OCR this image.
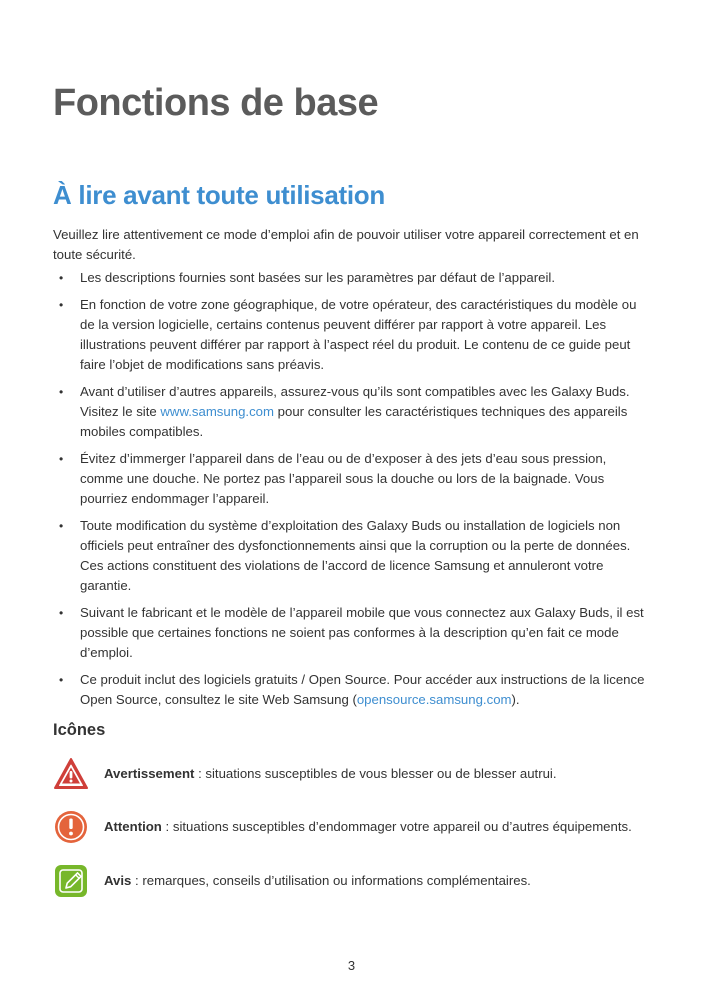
Fonctions de base
À lire avant toute utilisation

Veuillez lire attentivement ce mode d’emploi afin de pouvoir utiliser votre appareil correctement et en toute sécurité.

• Les descriptions fournies sont basées sur les paramètres par défaut de l’appareil.
• En fonction de votre zone géographique, de votre opérateur, des caractéristiques du modèle ou de la version logicielle, certains contenus peuvent différer par rapport à votre appareil. Les illustrations peuvent différer par rapport à l’aspect réel du produit. Le contenu de ce guide peut faire l’objet de modifications sans préavis.
• Avant d’utiliser d’autres appareils, assurez-vous qu’ils sont compatibles avec les Galaxy Buds. Visitez le site www.samsung.com pour consulter les caractéristiques techniques des appareils mobiles compatibles.
• Évitez d’immerger l’appareil dans de l’eau ou de d’exposer à des jets d’eau sous pression, comme une douche. Ne portez pas l’appareil sous la douche ou lors de la baignade. Vous pourriez endommager l’appareil.
• Toute modification du système d’exploitation des Galaxy Buds ou installation de logiciels non officiels peut entraîner des dysfonctionnements ainsi que la corruption ou la perte de données. Ces actions constituent des violations de l’accord de licence Samsung et annuleront votre garantie.
• Suivant le fabricant et le modèle de l’appareil mobile que vous connectez aux Galaxy Buds, il est possible que certaines fonctions ne soient pas conformes à la description qu’en fait ce mode d’emploi.
• Ce produit inclut des logiciels gratuits / Open Source. Pour accéder aux instructions de la licence Open Source, consultez le site Web Samsung (opensource.samsung.com).
Icônes
Avertissement : situations susceptibles de vous blesser ou de blesser autrui.
Attention : situations susceptibles d’endommager votre appareil ou d’autres équipements.
Avis : remarques, conseils d’utilisation ou informations complémentaires.
3
